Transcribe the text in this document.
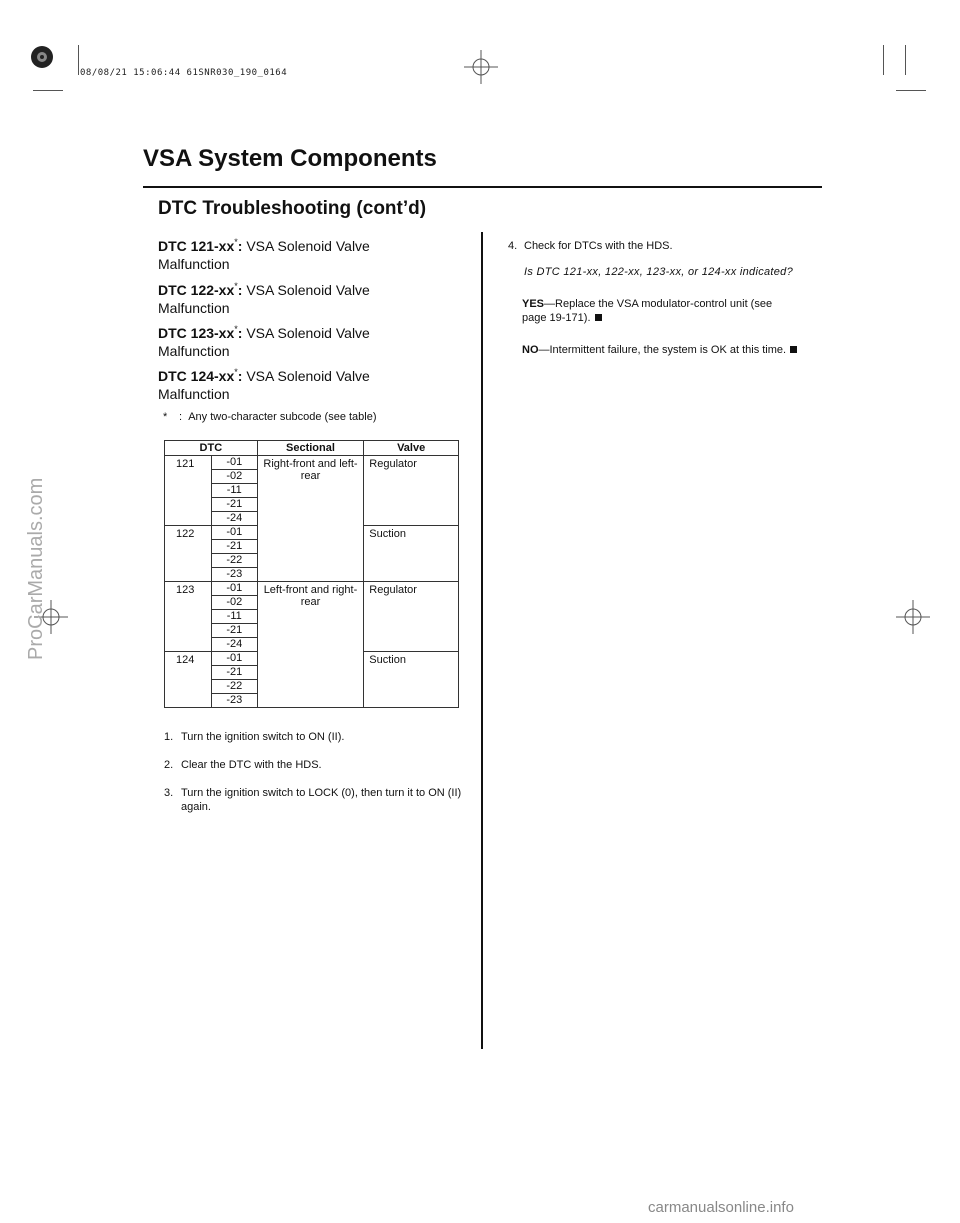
08/08/21 15:06:44 61SNR030_190_0164
VSA System Components
DTC Troubleshooting (cont’d)
DTC 121-xx*: VSA Solenoid Valve Malfunction
DTC 122-xx*: VSA Solenoid Valve Malfunction
DTC 123-xx*: VSA Solenoid Valve Malfunction
DTC 124-xx*: VSA Solenoid Valve Malfunction
* : Any two-character subcode (see table)
DTC		Sectional	Valve
121	-01	Right-front and left-rear	Regulator
	-02		
	-11		
	-21		
	-24		
122	-01		Suction
	-21		
	-22		
	-23		
123	-01	Left-front and right-rear	Regulator
	-02		
	-11		
	-21		
	-24		
124	-01		Suction
	-21		
	-22		
	-23		
1. Turn the ignition switch to ON (II).
2. Clear the DTC with the HDS.
3. Turn the ignition switch to LOCK (0), then turn it to ON (II) again.
4. Check for DTCs with the HDS.
Is DTC 121-xx, 122-xx, 123-xx, or 124-xx indicated?
YES—Replace the VSA modulator-control unit (see page 19-171).
NO—Intermittent failure, the system is OK at this time.
ProCarManuals.com
carmanualsonline.info
